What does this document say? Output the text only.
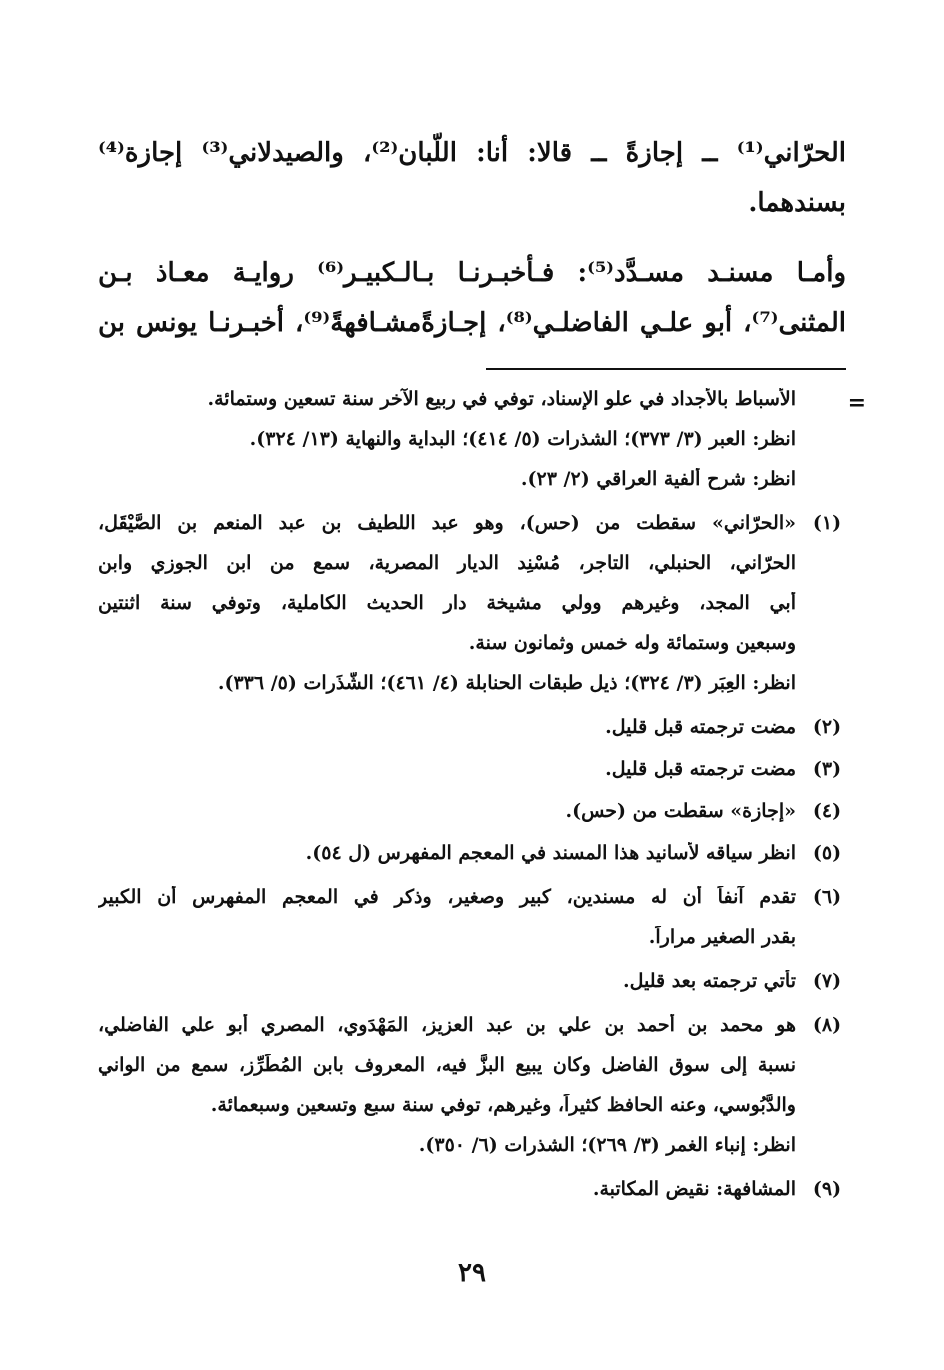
الحرّاني⁽¹⁾ ــ إجازةً ــ قالا: أنا: اللّبان⁽²⁾، والصيدلاني⁽³⁾ إجازة⁽⁴⁾
بسندهما.
وأمـا مسنـد مسـدَّد⁽⁵⁾: فـأخبـرنـا بـالـكبيـر⁽⁶⁾ روايـة معـاذ بـن
المثنى⁽⁷⁾، أبو علـي الفاضلـي⁽⁸⁾، إجـازةًمشـافهةً⁽⁹⁾، أخبـرنـا يونس بن
=
الأسباط بالأجداد في علو الإسناد، توفي في ربيع الآخر سنة تسعين وستمائة.
انظر: العبر (٣/ ٣٧٣)؛ الشذرات (٥/ ٤١٤)؛ البداية والنهاية (١٣/ ٣٢٤).
انظر: شرح ألفية العراقي (٢/ ٢٣).
(١)
«الحرّاني» سقطت من (حس)، وهو عبد اللطيف بن عبد المنعم بن الصَّيْقَل،
الحرّاني، الحنبلي، التاجر، مُسْنِد الديار المصرية، سمع من ابن الجوزي وابن
أبي المجد، وغيرهم وولي مشيخة دار الحديث الكاملية، وتوفي سنة اثنتين
وسبعين وستمائة وله خمس وثمانون سنة.
انظر: العِبَر (٣/ ٣٢٤)؛ ذيل طبقات الحنابلة (٤/ ٤٦١)؛ الشَّذَرات (٥/ ٣٣٦).
(٢)
مضت ترجمته قبل قليل.
(٣)
مضت ترجمته قبل قليل.
(٤)
«إجازة» سقطت من (حس).
(٥)
انظر سياقه لأسانيد هذا المسند في المعجم المفهرس (ل ٥٤).
(٦)
تقدم آنفاً أن له مسندين، كبير وصغير، وذكر في المعجم المفهرس أن الكبير
بقدر الصغير مراراً.
(٧)
تأتي ترجمته بعد قليل.
(٨)
هو محمد بن أحمد بن علي بن عبد العزيز، المَهْدَوي، المصري أبو علي الفاضلي،
نسبة إلى سوق الفاضل وكان يبيع البزَّ فيه، المعروف بابن المُطَرِّز، سمع من الواني
والدَّبُوسي، وعنه الحافظ كثيراً، وغيرهم، توفي سنة سبع وتسعين وسبعمائة.
انظر: إنباء الغمر (٣/ ٢٦٩)؛ الشذرات (٦/ ٣٥٠).
(٩)
المشافهة: نقيض المكاتبة.
٢٩
